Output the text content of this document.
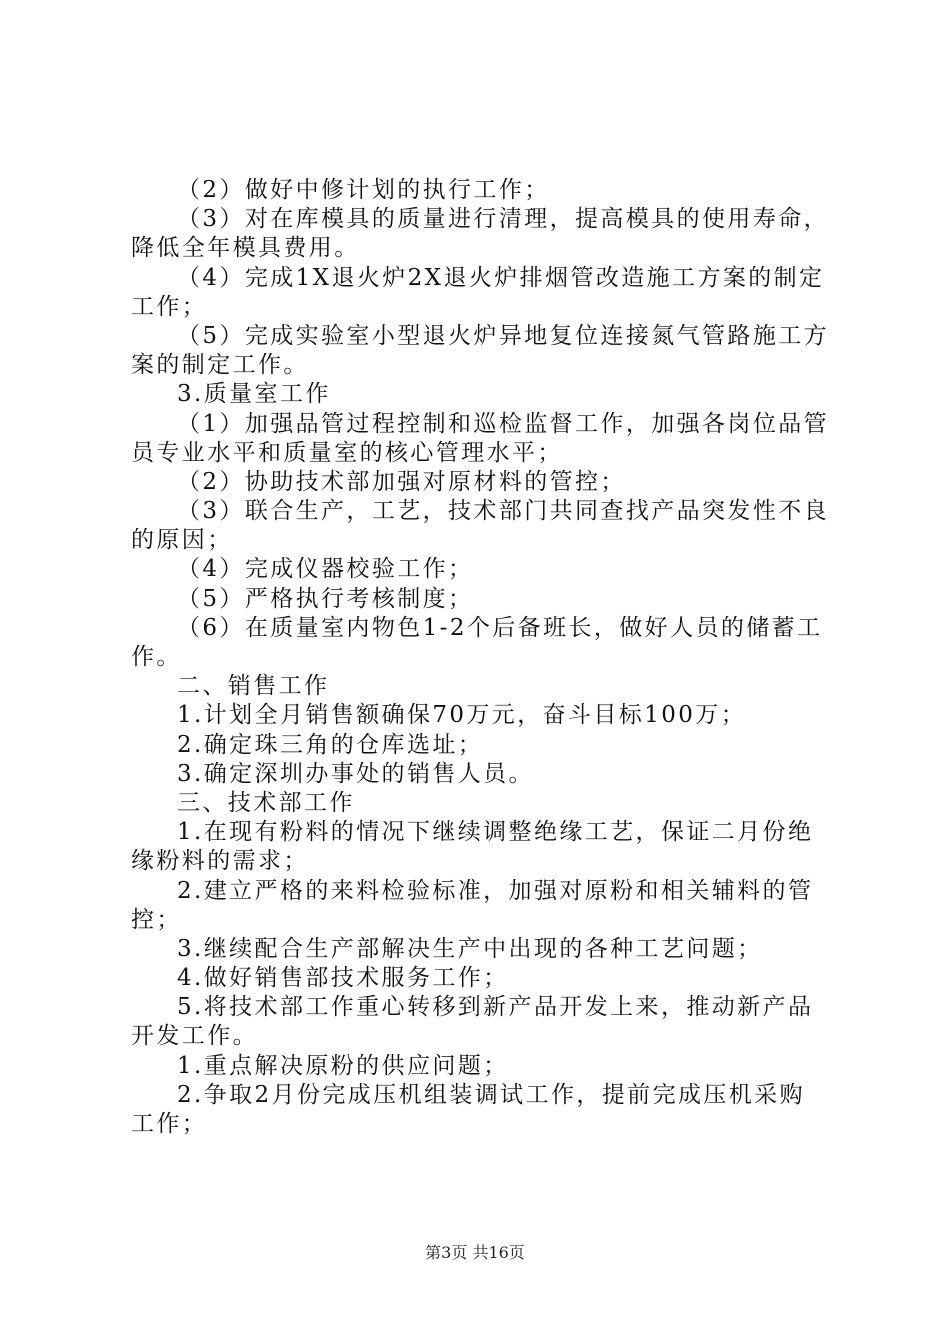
（2）做好中修计划的执行工作；
（3）对在库模具的质量进行清理，提高模具的使用寿命，
降低全年模具费用。
（4）完成1X退火炉2X退火炉排烟管改造施工方案的制定
工作；
（5）完成实验室小型退火炉异地复位连接氮气管路施工方
案的制定工作。
3.质量室工作
（1）加强品管过程控制和巡检监督工作，加强各岗位品管
员专业水平和质量室的核心管理水平；
（2）协助技术部加强对原材料的管控；
（3）联合生产，工艺，技术部门共同查找产品突发性不良
的原因；
（4）完成仪器校验工作；
（5）严格执行考核制度；
（6）在质量室内物色1-2个后备班长，做好人员的储蓄工
作。
二、销售工作
1.计划全月销售额确保70万元，奋斗目标100万；
2.确定珠三角的仓库选址；
3.确定深圳办事处的销售人员。
三、技术部工作
1.在现有粉料的情况下继续调整绝缘工艺，保证二月份绝
缘粉料的需求；
2.建立严格的来料检验标准，加强对原粉和相关辅料的管
控；
3.继续配合生产部解决生产中出现的各种工艺问题；
4.做好销售部技术服务工作；
5.将技术部工作重心转移到新产品开发上来，推动新产品
开发工作。
1.重点解决原粉的供应问题；
2.争取2月份完成压机组装调试工作，提前完成压机采购
工作；
第3页 共16页
